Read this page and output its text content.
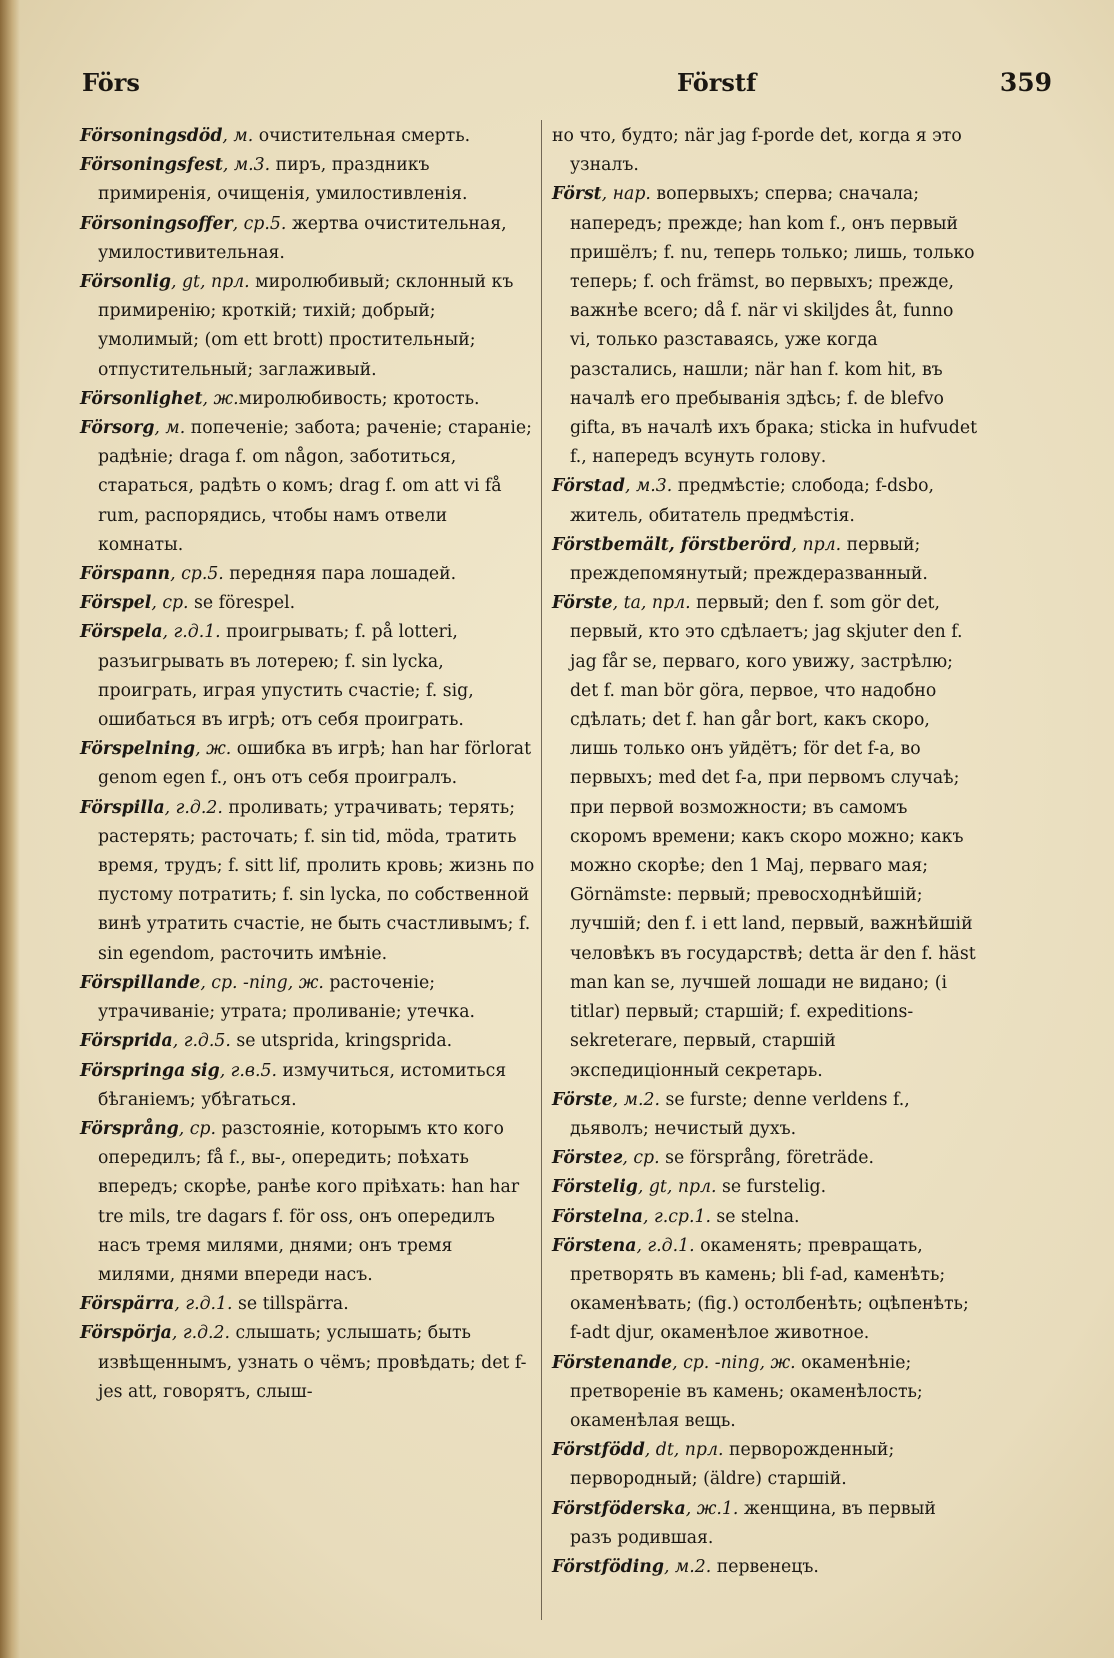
Förs	Förstf	359

Försoningsdöd, м. очистительная смерть.

Försoningsfest, м.3. пиръ, праздникъ примиренія, очищенія, умилостивленія.

Försoningsoffer, ср.5. жертва очистительная, умилостивительная.

Försonlig, gt, прл. миролюбивый; склонный къ примиренію; кроткій; тихій; добрый; умолимый; (om ett brott) простительный; отпустительный; заглаживый.

Försonlighet, ж.миролюбивость; кротость.

Försorg, м. попеченіе; забота; раченіе; стараніе; радѣніе; draga f. om någon, заботиться, стараться, радѣть о комъ; drag f. om att vi få rum, распорядись, чтобы намъ отвели комнаты.

Förspann, ср.5. передняя пара лошадей.

Förspel, ср. se förespel.

Förspela, г.д.1. проигрывать; f. på lotteri, разъигрывать въ лотерею; f. sin lycka, проиграть, играя упустить счастіе; f. sig, ошибаться въ игрѣ; отъ себя проиграть.

Förspelning, ж. ошибка въ игрѣ; han har förlorat genom egen f., онъ отъ себя проигралъ.

Förspilla, г.д.2. проливать; утрачивать; терять; растерять; расточать; f. sin tid, möda, тратить время, трудъ; f. sitt lif, пролить кровь; жизнь по пустому потратить; f. sin lycka, по собственной винѣ утратить счастіе, не быть счастливымъ; f. sin egendom, расточить имѣніе.

Förspillande, ср. -ning, ж. расточеніе; утрачиваніе; утрата; проливаніе; утечка.

Försprida, г.д.5. se utsprida, kringsprida.

Förspringa sig, г.в.5. измучиться, истомиться бѣганіемъ; убѣгаться.

Försprång, ср. разстояніе, которымъ кто кого опередилъ; få f., вы-, опередить; поѣхать впередъ; скорѣе, ранѣе кого пріѣхать: han har tre mils, tre dagars f. för oss, онъ опередилъ насъ тремя милями, днями; онъ тремя милями, днями впереди насъ.

Förspärra, г.д.1. se tillspärra.

Förspörja, г.д.2. слышать; услышать; быть извѣщеннымъ, узнать о чёмъ; провѣдать; det f-jes att, говорятъ, слыш-

но что, будто; när jag f-porde det, когда я это узналъ.

Först, нар. вопервыхъ; сперва; сначала; напередъ; прежде; han kom f., онъ первый пришёлъ; f. nu, теперь только; лишь, только теперь; f. och främst, во первыхъ; прежде, важнѣе всего; då f. när vi skiljdes åt, funno vi, только разставаясь, уже когда разстались, нашли; när han f. kom hit, въ началѣ его пребыванія здѣсь; f. de blefvo gifta, въ началѣ ихъ брака; sticka in hufvudet f., напередъ всунуть голову.

Förstad, м.3. предмѣстіе; слобода; f-dsbo, житель, обитатель предмѣстія.

Förstbemält, förstberörd, прл. первый; преждепомянутый; преждеразванный.

Förste, ta, прл. первый; den f. som gör det, первый, кто это сдѣлаетъ; jag skjuter den f. jag får se, перваго, кого увижу, застрѣлю; det f. man bör göra, первое, что надобно сдѣлать; det f. han går bort, какъ скоро, лишь только онъ уйдётъ; för det f-a, во первыхъ; med det f-a, при первомъ случаѣ; при первой возможности; въ самомъ скоромъ времени; какъ скоро можно; какъ можно скорѣе; den 1 Maj, перваго мая; Görnämste: первый; превосходнѣйшій; лучшій; den f. i ett land, первый, важнѣйшій человѣкъ въ государствѣ; detta är den f. häst man kan se, лучшей лошади не видано; (i titlar) первый; старшій; f. expeditions-sekreterare, первый, старшій экспедиціонный секретарь.

Förste, м.2. se furste; denne verldens f., дьяволъ; нечистый духъ.

Förstег, ср. se försprång, företräde.

Förstelig, gt, прл. se furstelig.

Förstelna, г.ср.1. se stelna.

Förstena, г.д.1. окаменять; превращать, претворять въ камень; bli f-ad, каменѣть; окаменѣвать; (fig.) остолбенѣть; оцѣпенѣть; f-adt djur, окаменѣлое животное.

Förstenande, ср. -ning, ж. окаменѣніе; претвореніе въ камень; окаменѣлость; окаменѣлая вещь.

Förstfödd, dt, прл. перворожденный; первородный; (äldre) старшій.

Förstföderska, ж.1. женщина, въ первый разъ родившая.

Förstföding, м.2. первенецъ.
